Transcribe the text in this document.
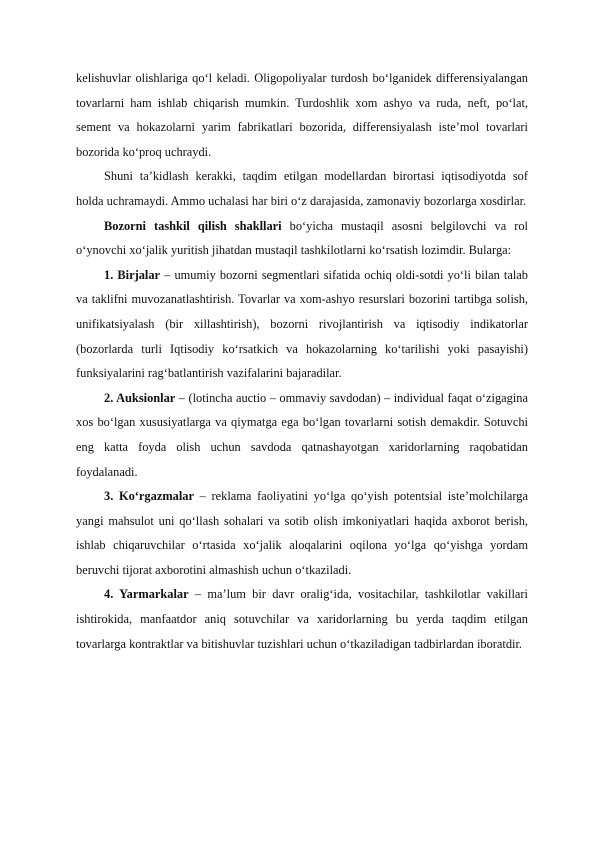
kelishuvlar olishlariga qo‘l keladi. Oligopoliyalar turdosh bo‘lganidek differensiyalangan tovarlarni ham ishlab chiqarish mumkin. Turdoshlik xom ashyo va ruda, neft, po‘lat, sement va hokazolarni yarim fabrikatlari bozorida, differensiyalash iste’mol tovarlari bozorida ko‘proq uchraydi.

Shuni ta’kidlash kerakki, taqdim etilgan modellardan birortasi iqtisodiyotda sof holda uchramaydi. Ammo uchalasi har biri o‘z darajasida, zamonaviy bozorlarga xosdirlar.

Bozorni tashkil qilish shakllari bo‘yicha mustaqil asosni belgilovchi va rol o‘ynovchi xo‘jalik yuritish jihatdan mustaqil tashkilotlarni ko‘rsatish lozimdir. Bularga:

1. Birjalar – umumiy bozorni segmentlari sifatida ochiq oldi-sotdi yo‘li bilan talab va taklifni muvozanatlashtirish. Tovarlar va xom-ashyo resurslari bozorini tartibga solish, unifikatsiyalash (bir xillashtirish), bozorni rivojlantirish va iqtisodiy indikatorlar (bozorlarda turli Iqtisodiy ko‘rsatkich va hokazolarning ko‘tarilishi yoki pasayishi) funksiyalarini rag‘batlantirish vazifalarini bajaradilar.

2. Auksionlar – (lotincha auctio – ommaviy savdodan) – individual faqat o‘zigagina xos bo‘lgan xususiyatlarga va qiymatga ega bo‘lgan tovarlarni sotish demakdir. Sotuvchi eng katta foyda olish uchun savdoda qatnashayotgan xaridorlarning raqobatidan foydalanadi.

3. Ko‘rgazmalar – reklama faoliyatini yo‘lga qo‘yish potentsial iste’molchilarga yangi mahsulot uni qo‘llash sohalari va sotib olish imkoniyatlari haqida axborot berish, ishlab chiqaruvchilar o‘rtasida xo‘jalik aloqalarini oqilona yo‘lga qo‘yishga yordam beruvchi tijorat axborotini almashish uchun o‘tkaziladi.

4. Yarmarkalar – ma’lum bir davr oralig‘ida, vositachilar, tashkilotlar vakillari ishtirokida, manfaatdor aniq sotuvchilar va xaridorlarning bu yerda taqdim etilgan tovarlarga kontraktlar va bitishuvlar tuzishlari uchun o‘tkaziladigan tadbirlardan iboratdir.
